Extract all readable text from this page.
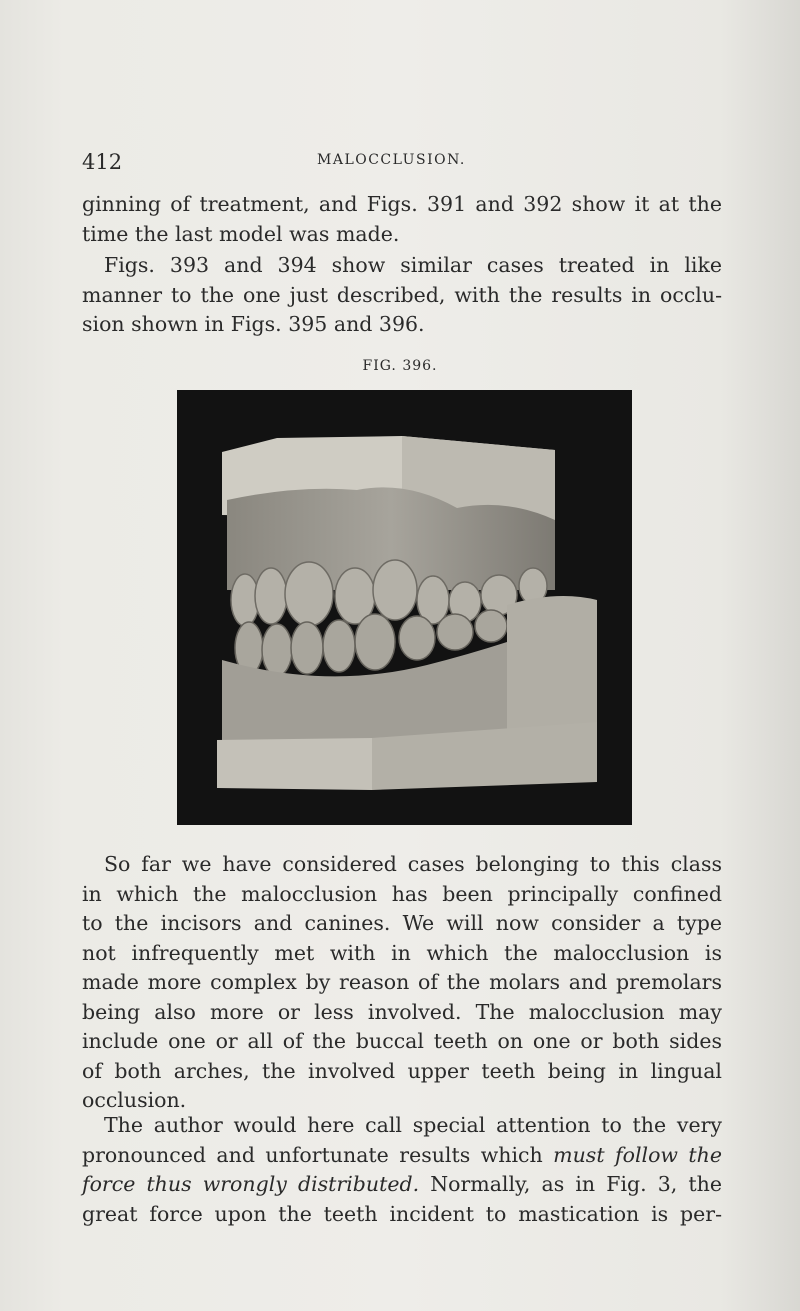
412	MALOCCLUSION.

ginning of treatment, and Figs. 391 and 392 show it at the
time the last model was made.

Figs. 393 and 394 show similar cases treated in like
manner to the one just described, with the results in occlu-
sion shown in Figs. 395 and 396.

FIG. 396.

So far we have considered cases belonging to this class
in which the malocclusion has been principally confined
to the incisors and canines. We will now consider a type
not infrequently met with in which the malocclusion is
made more complex by reason of the molars and premolars
being also more or less involved. The malocclusion may
include one or all of the buccal teeth on one or both sides
of both arches, the involved upper teeth being in lingual
occlusion.

The author would here call special attention to the very
pronounced and unfortunate results which must follow the
force thus wrongly distributed. Normally, as in Fig. 3, the
great force upon the teeth incident to mastication is per-
